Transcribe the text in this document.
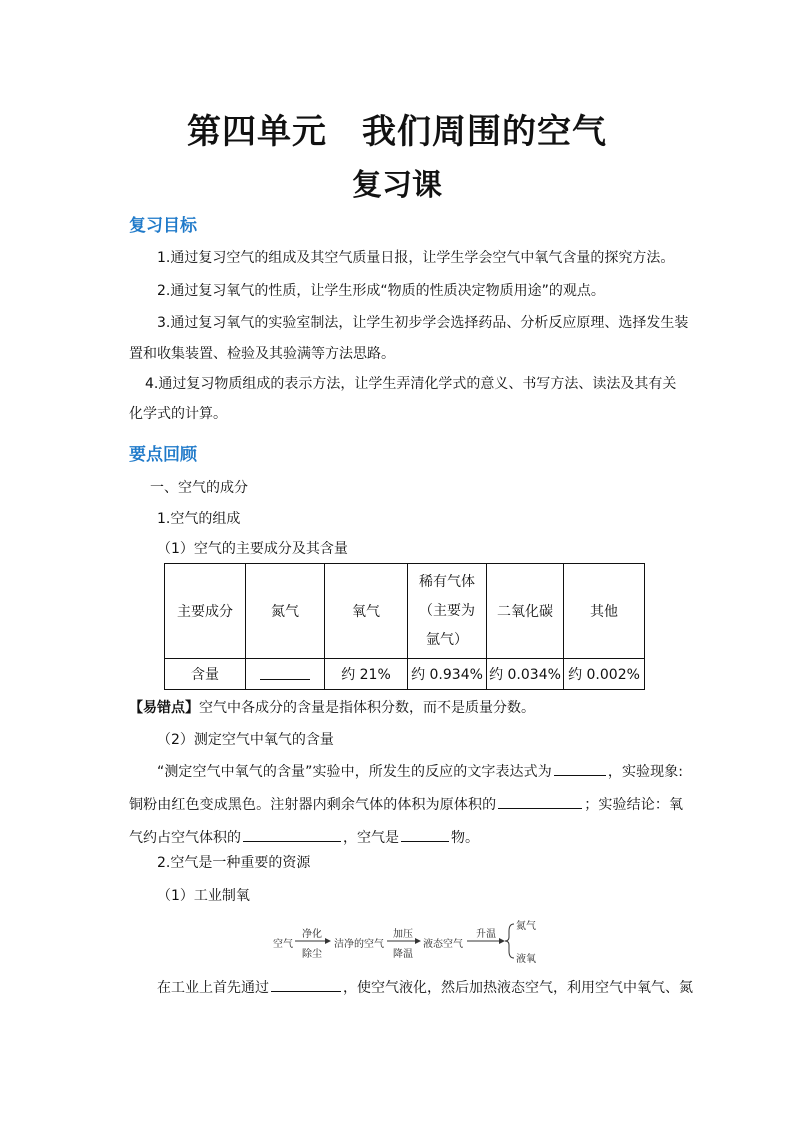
第四单元　我们周围的空气
复习课
复习目标
1.通过复习空气的组成及其空气质量日报，让学生学会空气中氧气含量的探究方法。
2.通过复习氧气的性质，让学生形成“物质的性质决定物质用途”的观点。
3.通过复习氧气的实验室制法，让学生初步学会选择药品、分析反应原理、选择发生装
置和收集装置、检验及其验满等方法思路。
4.通过复习物质组成的表示方法，让学生弄清化学式的意义、书写方法、读法及其有关
化学式的计算。
要点回顾
一、空气的成分
1.空气的组成
（1）空气的主要成分及其含量
主要成分	氮气	氧气	稀有气体
（主要为
氩气）	二氧化碳	其他
含量		约 21%	约 0.934%	约 0.034%	约 0.002%
【易错点】空气中各成分的含量是指体积分数，而不是质量分数。
（2）测定空气中氧气的含量
“测定空气中氧气的含量”实验中，所发生的反应的文字表达式为	，实验现象:铜粉由红色变成黑色。注射器内剩余气体的体积为原体积的	；实验结论：氧气约占空气体积的	，空气是	物。
2.空气是一种重要的资源
（1）工业制氧
空气
净化
除尘
洁净的空气
加压
降温
液态空气
升温
氮气
液氧
在工业上首先通过	，使空气液化，然后加热液态空气，利用空气中氧气、氮
